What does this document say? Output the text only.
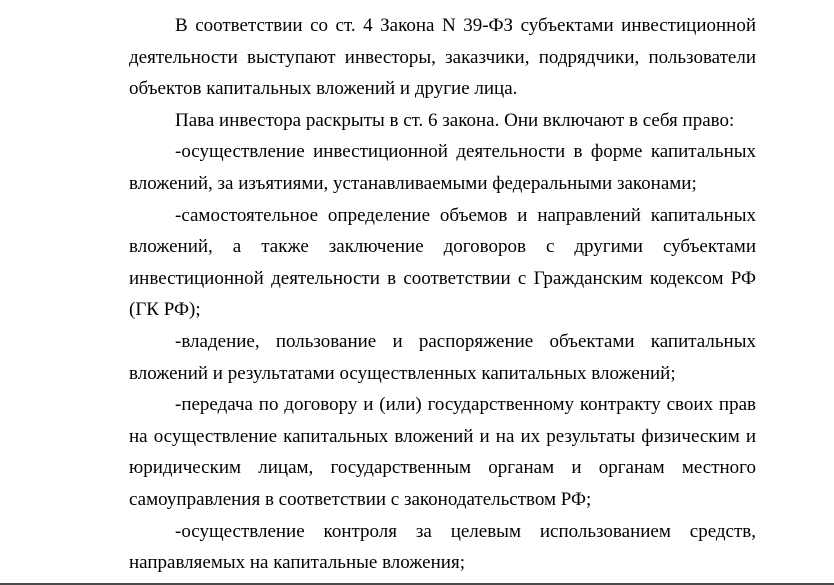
В соответствии со ст. 4 Закона N 39-ФЗ субъектами инвестиционной деятельности выступают инвесторы, заказчики, подрядчики, пользователи объектов капитальных вложений и другие лица.

Пава инвестора раскрыты в ст. 6 закона. Они включают в себя право:

-осуществление инвестиционной деятельности в форме капитальных вложений, за изъятиями, устанавливаемыми федеральными законами;

-самостоятельное определение объемов и направлений капитальных вложений, а также заключение договоров с другими субъектами инвестиционной деятельности в соответствии с Гражданским кодексом РФ (ГК РФ);

-владение, пользование и распоряжение объектами капитальных вложений и результатами осуществленных капитальных вложений;

-передача по договору и (или) государственному контракту своих прав на осуществление капитальных вложений и на их результаты физическим и юридическим лицам, государственным органам и органам местного самоуправления в соответствии с законодательством РФ;

-осуществление контроля за целевым использованием средств, направляемых на капитальные вложения;
